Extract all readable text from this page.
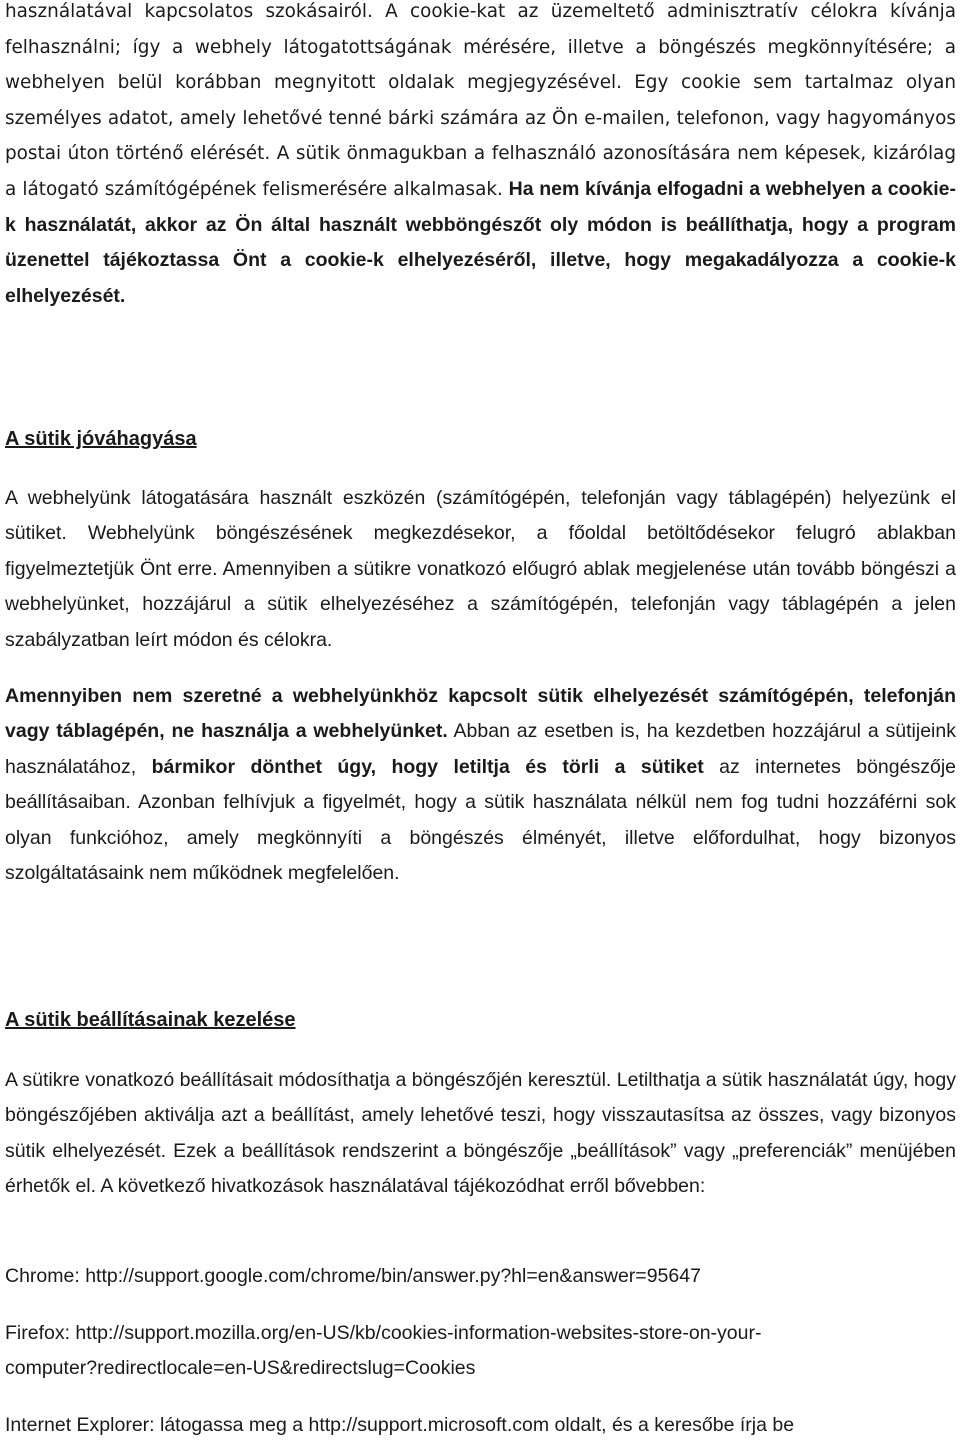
használatával kapcsolatos szokásairól. A cookie-kat az üzemeltető adminisztratív célokra kívánja felhasználni; így a webhely látogatottságának mérésére, illetve a böngészés megkönnyítésére; a webhelyen belül korábban megnyitott oldalak megjegyzésével. Egy cookie sem tartalmaz olyan személyes adatot, amely lehetővé tenné bárki számára az Ön e-mailen, telefonon, vagy hagyományos postai úton történő elérését. A sütik önmagukban a felhasználó azonosítására nem képesek, kizárólag a látogató számítógépének felismerésére alkalmasak. Ha nem kívánja elfogadni a webhelyen a cookie-k használatát, akkor az Ön által használt webböngészőt oly módon is beállíthatja, hogy a program üzenettel tájékoztassa Önt a cookie-k elhelyezéséről, illetve, hogy megakadályozza a cookie-k elhelyezését.

A sütik jóváhagyása

A webhelyünk látogatására használt eszközén (számítógépén, telefonján vagy táblagépén) helyezünk el sütiket. Webhelyünk böngészésének megkezdésekor, a főoldal betöltődésekor felugró ablakban figyelmeztetjük Önt erre. Amennyiben a sütikre vonatkozó előugró ablak megjelenése után tovább böngészi a webhelyünket, hozzájárul a sütik elhelyezéséhez a számítógépén, telefonján vagy táblagépén a jelen szabályzatban leírt módon és célokra.

Amennyiben nem szeretné a webhelyünkhöz kapcsolt sütik elhelyezését számítógépén, telefonján vagy táblagépén, ne használja a webhelyünket. Abban az esetben is, ha kezdetben hozzájárul a sütijeink használatához, bármikor dönthet úgy, hogy letiltja és törli a sütiket az internetes böngészője beállításaiban. Azonban felhívjuk a figyelmét, hogy a sütik használata nélkül nem fog tudni hozzáférni sok olyan funkcióhoz, amely megkönnyíti a böngészés élményét, illetve előfordulhat, hogy bizonyos szolgáltatásaink nem működnek megfelelően.

A sütik beállításainak kezelése

A sütikre vonatkozó beállításait módosíthatja a böngészőjén keresztül. Letilthatja a sütik használatát úgy, hogy böngészőjében aktiválja azt a beállítást, amely lehetővé teszi, hogy visszautasítsa az összes, vagy bizonyos sütik elhelyezését. Ezek a beállítások rendszerint a böngészője „beállítások” vagy „preferenciák” menüjében érhetők el. A következő hivatkozások használatával tájékozódhat erről bővebben:

Chrome: http://support.google.com/chrome/bin/answer.py?hl=en&answer=95647
Firefox: http://support.mozilla.org/en-US/kb/cookies-information-websites-store-on-your-
computer?redirectlocale=en-US&redirectslug=Cookies
Internet Explorer: látogassa meg a http://support.microsoft.com oldalt, és a keresőbe írja be
